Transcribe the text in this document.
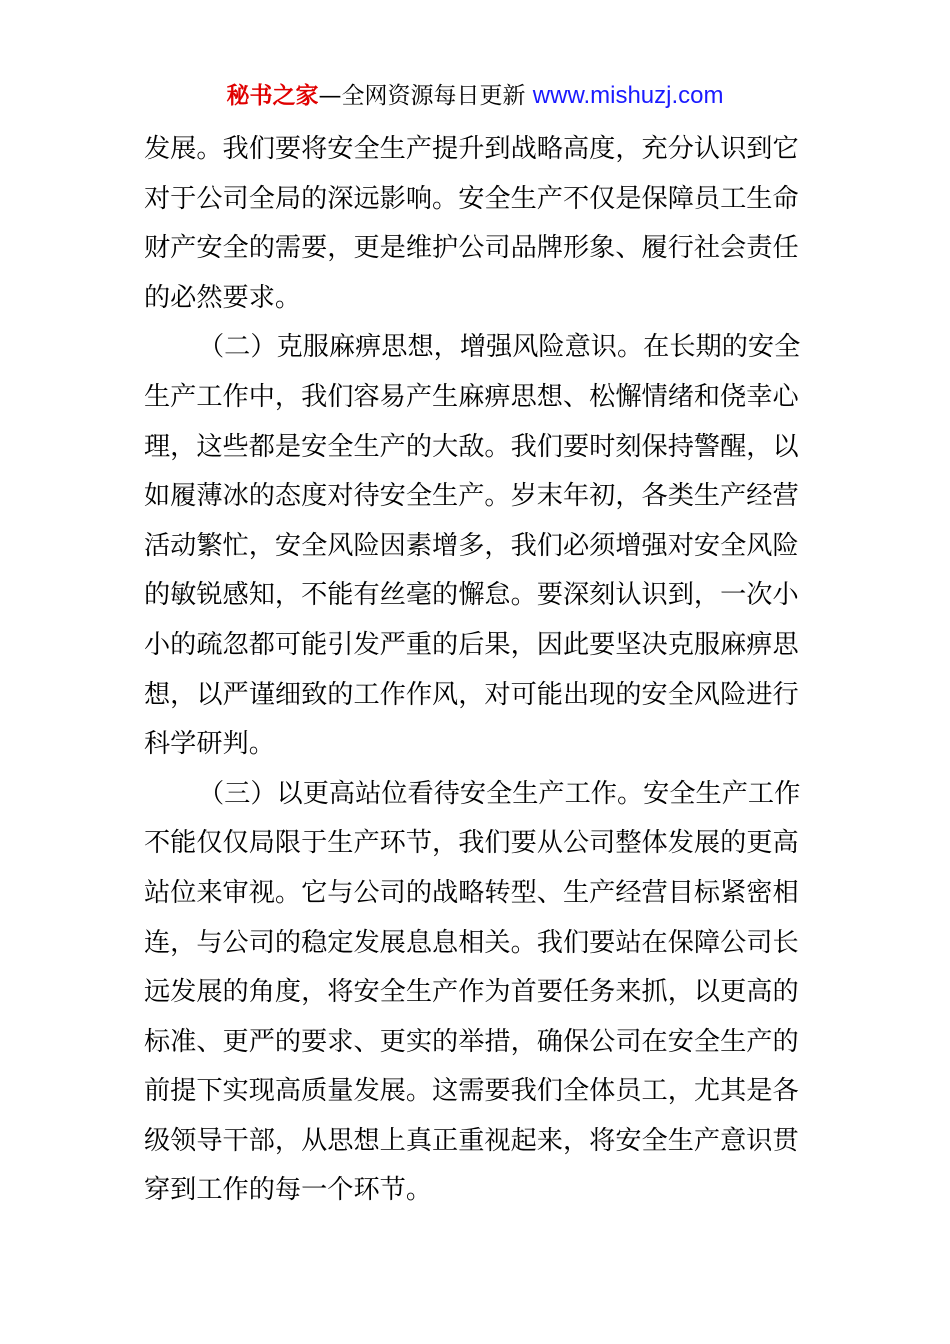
秘书之家—全网资源每日更新 www.mishuzj.com
发展。我们要将安全生产提升到战略高度，充分认识到它
对于公司全局的深远影响。安全生产不仅是保障员工生命
财产安全的需要，更是维护公司品牌形象、履行社会责任
的必然要求。
（二）克服麻痹思想，增强风险意识。在长期的安全
生产工作中，我们容易产生麻痹思想、松懈情绪和侥幸心
理，这些都是安全生产的大敌。我们要时刻保持警醒，以
如履薄冰的态度对待安全生产。岁末年初，各类生产经营
活动繁忙，安全风险因素增多，我们必须增强对安全风险
的敏锐感知，不能有丝毫的懈怠。要深刻认识到，一次小
小的疏忽都可能引发严重的后果，因此要坚决克服麻痹思
想，以严谨细致的工作作风，对可能出现的安全风险进行
科学研判。
（三）以更高站位看待安全生产工作。安全生产工作
不能仅仅局限于生产环节，我们要从公司整体发展的更高
站位来审视。它与公司的战略转型、生产经营目标紧密相
连，与公司的稳定发展息息相关。我们要站在保障公司长
远发展的角度，将安全生产作为首要任务来抓，以更高的
标准、更严的要求、更实的举措，确保公司在安全生产的
前提下实现高质量发展。这需要我们全体员工，尤其是各
级领导干部，从思想上真正重视起来，将安全生产意识贯
穿到工作的每一个环节。
